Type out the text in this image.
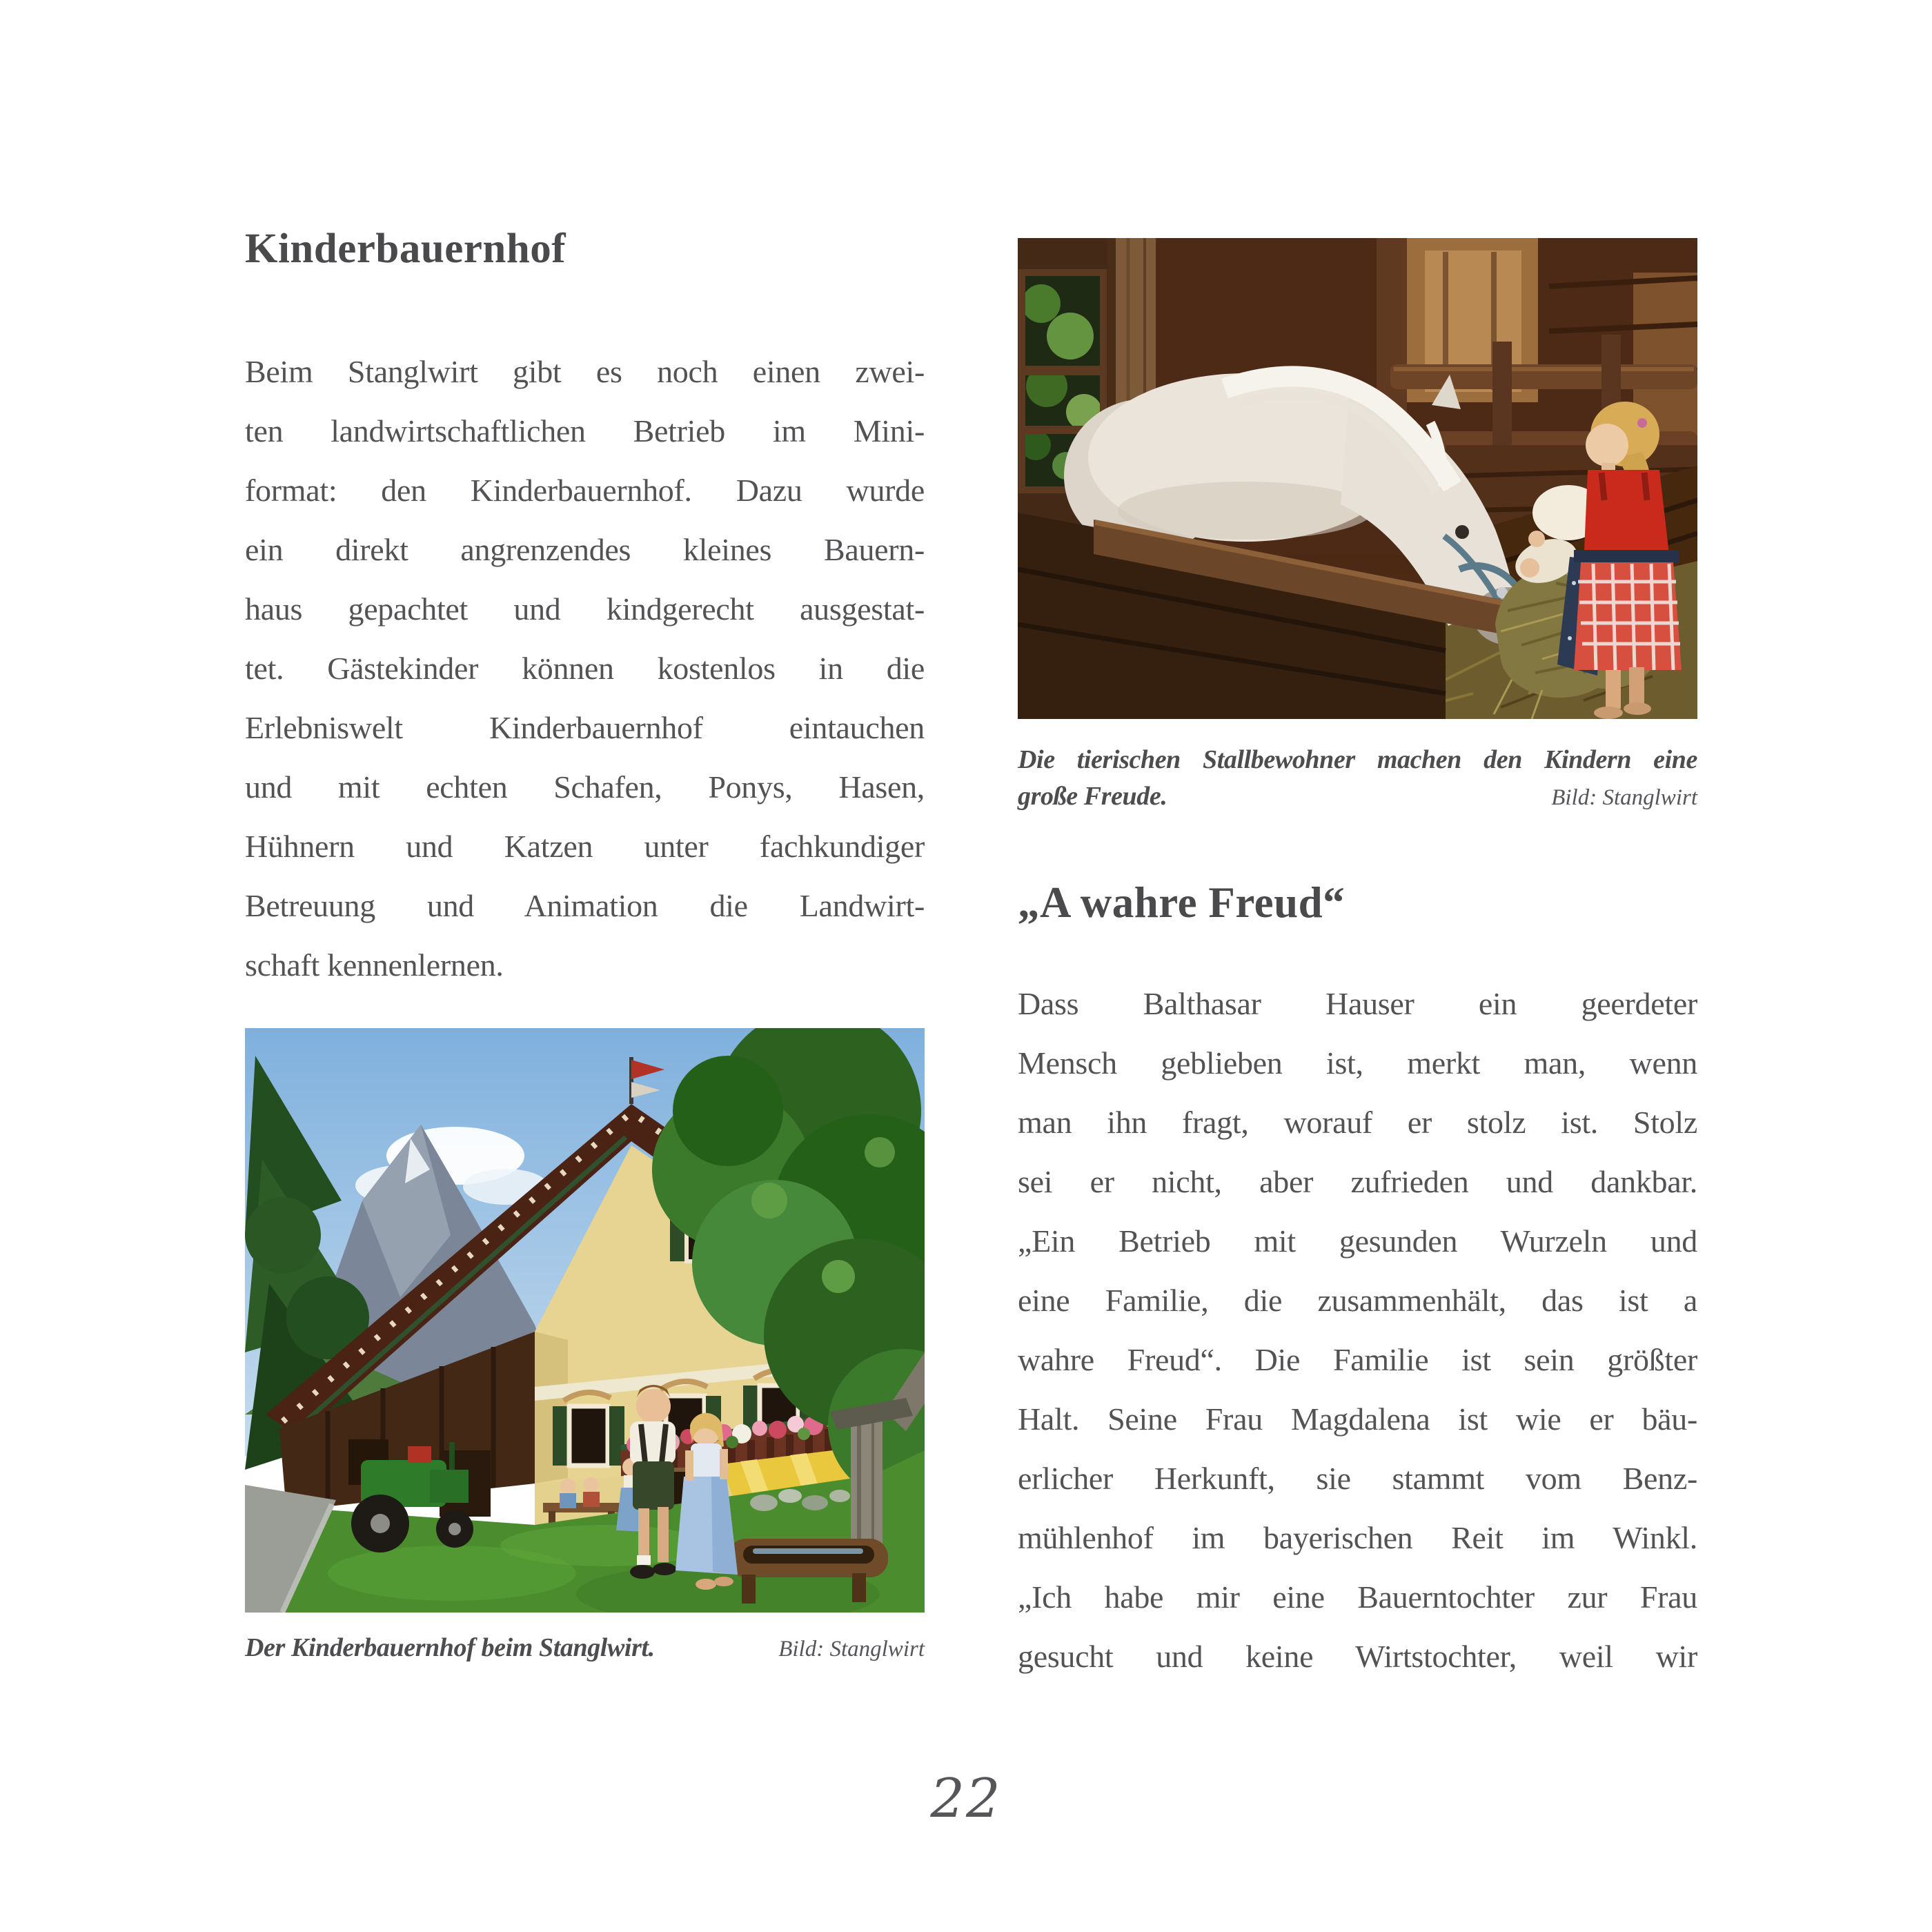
Kinderbauernhof
Beim Stanglwirt gibt es noch einen zwei-
ten landwirtschaftlichen Betrieb im Mini-
format: den Kinderbauernhof. Dazu wurde
ein direkt angrenzendes kleines Bauern-
haus gepachtet und kindgerecht ausgestat-
tet. Gästekinder können kostenlos in die
Erlebniswelt Kinderbauernhof eintauchen
und mit echten Schafen, Ponys, Hasen,
Hühnern und Katzen unter fachkundiger
Betreuung und Animation die Landwirt-
schaft kennenlernen.
Der Kinderbauernhof beim Stanglwirt.	Bild: Stanglwirt
Die tierischen Stallbewohner machen den Kindern eine
große Freude.	Bild: Stanglwirt
„A wahre Freud“
Dass Balthasar Hauser ein geerdeter
Mensch geblieben ist, merkt man, wenn
man ihn fragt, worauf er stolz ist. Stolz
sei er nicht, aber zufrieden und dankbar.
„Ein Betrieb mit gesunden Wurzeln und
eine Familie, die zusammenhält, das ist a
wahre Freud“. Die Familie ist sein größter
Halt. Seine Frau Magdalena ist wie er bäu-
erlicher Herkunft, sie stammt vom Benz-
mühlenhof im bayerischen Reit im Winkl.
„Ich habe mir eine Bauerntochter zur Frau
gesucht und keine Wirtstochter, weil wir
22
